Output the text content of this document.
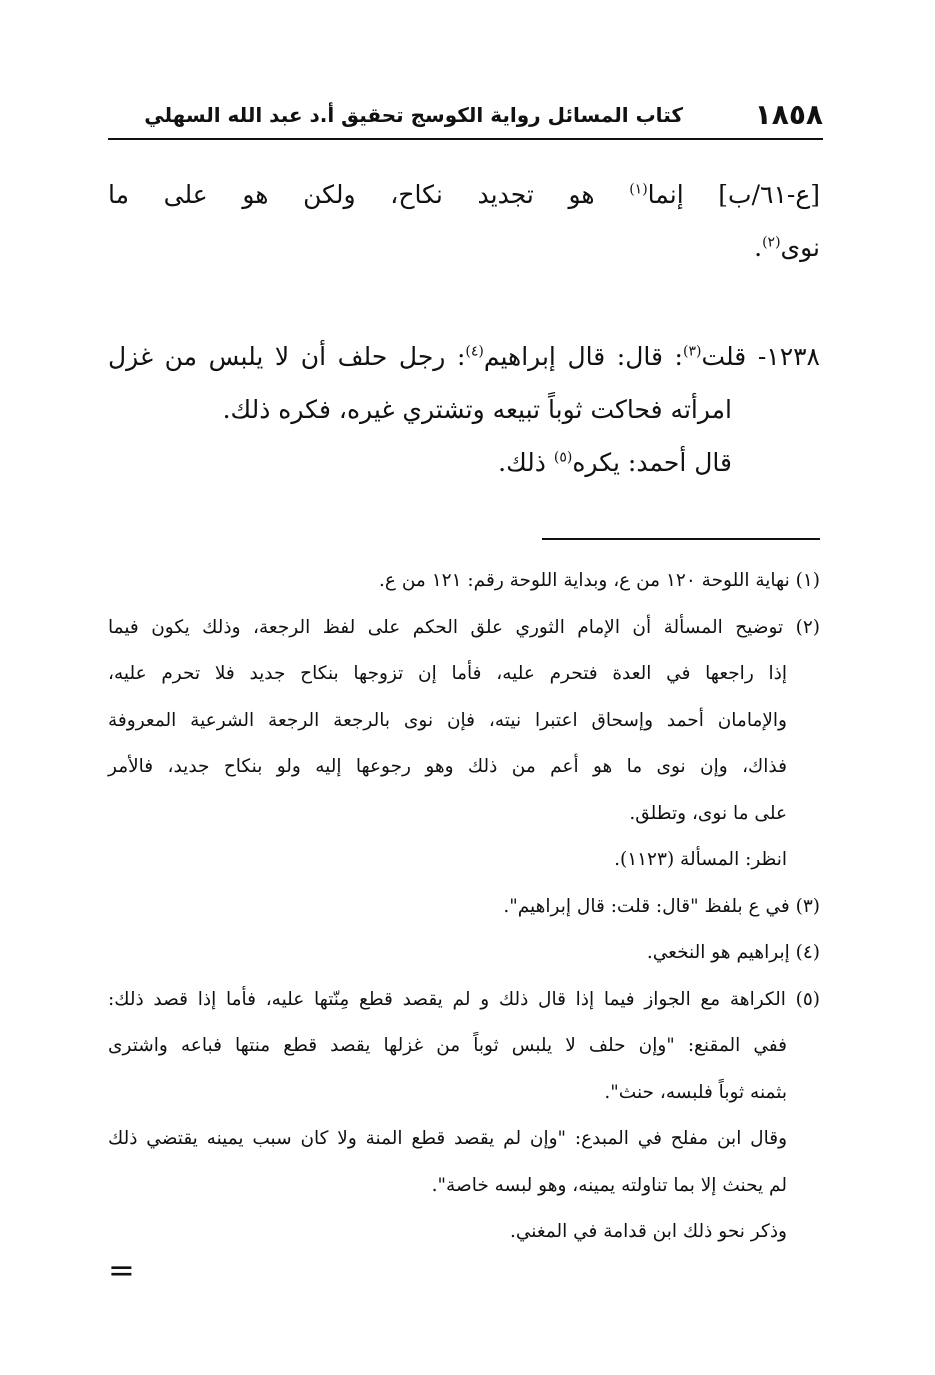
١٨٥٨
كتاب المسائل رواية الكوسج تحقيق أ.د عبد الله السهلي
[ع-٦١/ب] إنما$^{(١)}$ هو تجديد نكاح، ولكن هو على ما
نوى$^{(٢)}$.
١٢٣٨- قلت$^{(٣)}$: قال: قال إبراهيم$^{(٤)}$: رجل حلف أن لا يلبس من غزل
امرأته فحاكت ثوباً تبيعه وتشتري غيره، فكره ذلك.
قال أحمد: يكره$^{(٥)}$ ذلك.
(١) نهاية اللوحة ١٢٠ من ع، وبداية اللوحة رقم: ١٢١ من ع.
(٢) توضيح المسألة أن الإمام الثوري علق الحكم على لفظ الرجعة، وذلك يكون فيما
إذا راجعها في العدة فتحرم عليه، فأما إن تزوجها بنكاح جديد فلا تحرم عليه،
والإمامان أحمد وإسحاق اعتبرا نيته، فإن نوى بالرجعة الرجعة الشرعية المعروفة
فذاك، وإن نوى ما هو أعم من ذلك وهو رجوعها إليه ولو بنكاح جديد، فالأمر
على ما نوى، وتطلق.
انظر: المسألة (١١٢٣).
(٣) في ع بلفظ "قال: قلت: قال إبراهيم".
(٤) إبراهيم هو النخعي.
(٥) الكراهة مع الجواز فيما إذا قال ذلك و لم يقصد قطع مِنّتها عليه، فأما إذا قصد ذلك:
ففي المقنع: "وإن حلف لا يلبس ثوباً من غزلها يقصد قطع منتها فباعه واشترى
بثمنه ثوباً فلبسه، حنث".
وقال ابن مفلح في المبدع: "وإن لم يقصد قطع المنة ولا كان سبب يمينه يقتضي ذلك
لم يحنث إلا بما تناولته يمينه، وهو لبسه خاصة".
وذكر نحو ذلك ابن قدامة في المغني.
=
